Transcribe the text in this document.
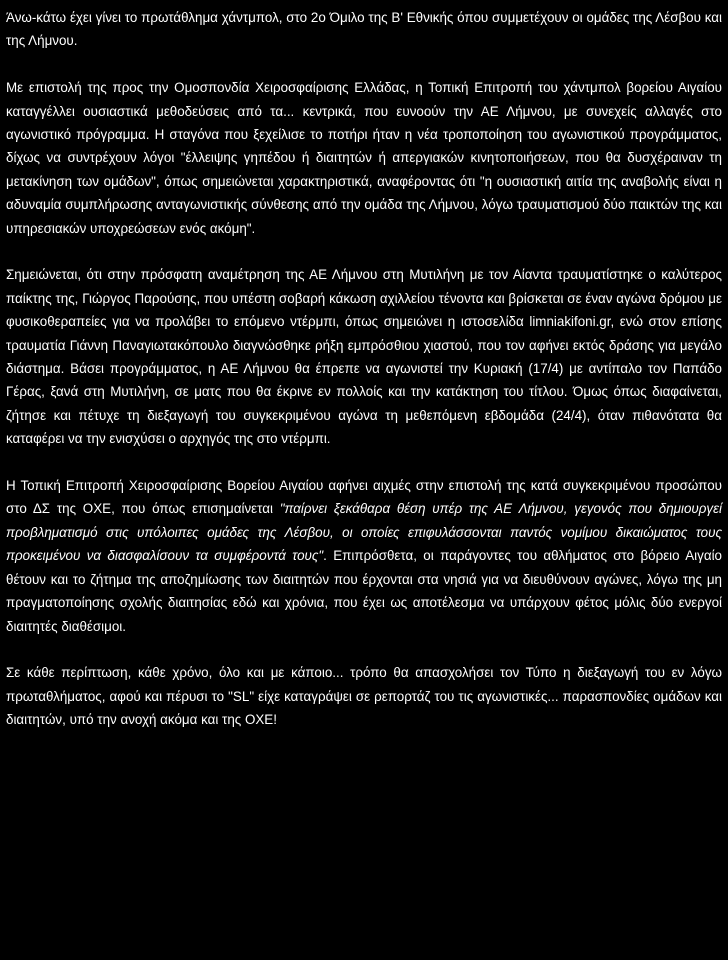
Άνω-κάτω έχει γίνει το πρωτάθλημα χάντμπολ, στο 2ο Όμιλο της Β' Εθνικής όπου συμμετέχουν οι ομάδες της Λέσβου και της Λήμνου.

Με επιστολή της προς την Ομοσπονδία Χειροσφαίρισης Ελλάδας, η Τοπική Επιτροπή του χάντμπολ βορείου Αιγαίου καταγγέλλει ουσιαστικά μεθοδεύσεις από τα... κεντρικά, που ευνοούν την ΑΕ Λήμνου, με συνεχείς αλλαγές στο αγωνιστικό πρόγραμμα. Η σταγόνα που ξεχείλισε το ποτήρι ήταν η νέα τροποποίηση του αγωνιστικού προγράμματος, δίχως να συντρέχουν λόγοι "έλλειψης γηπέδου ή διαιτητών ή απεργιακών κινητοποιήσεων, που θα δυσχέραιναν τη μετακίνηση των ομάδων", όπως σημειώνεται χαρακτηριστικά, αναφέροντας ότι "η ουσιαστική αιτία της αναβολής είναι η αδυναμία συμπλήρωσης ανταγωνιστικής σύνθεσης από την ομάδα της Λήμνου, λόγω τραυματισμού δύο παικτών της και υπηρεσιακών υποχρεώσεων ενός ακόμη".

Σημειώνεται, ότι στην πρόσφατη αναμέτρηση της ΑΕ Λήμνου στη Μυτιλήνη με τον Αίαντα τραυματίστηκε ο καλύτερος παίκτης της, Γιώργος Παρούσης, που υπέστη σοβαρή κάκωση αχιλλείου τένοντα και βρίσκεται σε έναν αγώνα δρόμου με φυσικοθεραπείες για να προλάβει το επόμενο ντέρμπι, όπως σημειώνει η ιστοσελίδα limniakifoni.gr, ενώ στον επίσης τραυματία Γιάννη Παναγιωτακόπουλο διαγνώσθηκε ρήξη εμπρόσθιου χιαστού, που τον αφήνει εκτός δράσης για μεγάλο διάστημα. Βάσει προγράμματος, η ΑΕ Λήμνου θα έπρεπε να αγωνιστεί την Κυριακή (17/4) με αντίπαλο τον Παπάδο Γέρας, ξανά στη Μυτιλήνη, σε ματς που θα έκρινε εν πολλοίς και την κατάκτηση του τίτλου. Όμως όπως διαφαίνεται, ζήτησε και πέτυχε τη διεξαγωγή του συγκεκριμένου αγώνα τη μεθεπόμενη εβδομάδα (24/4), όταν πιθανότατα θα καταφέρει να την ενισχύσει ο αρχηγός της στο ντέρμπι.

Η Τοπική Επιτροπή Χειροσφαίρισης Βορείου Αιγαίου αφήνει αιχμές στην επιστολή της κατά συγκεκριμένου προσώπου στο ΔΣ της ΟΧΕ, που όπως επισημαίνεται "παίρνει ξεκάθαρα θέση υπέρ της ΑΕ Λήμνου, γεγονός που δημιουργεί προβληματισμό στις υπόλοιπες ομάδες της Λέσβου, οι οποίες επιφυλάσσονται παντός νομίμου δικαιώματος τους προκειμένου να διασφαλίσουν τα συμφέροντά τους". Επιπρόσθετα, οι παράγοντες του αθλήματος στο βόρειο Αιγαίο θέτουν και το ζήτημα της αποζημίωσης των διαιτητών που έρχονται στα νησιά για να διευθύνουν αγώνες, λόγω της μη πραγματοποίησης σχολής διαιτησίας εδώ και χρόνια, που έχει ως αποτέλεσμα να υπάρχουν φέτος μόλις δύο ενεργοί διαιτητές διαθέσιμοι.

Σε κάθε περίπτωση, κάθε χρόνο, όλο και με κάποιο... τρόπο θα απασχολήσει τον Τύπο η διεξαγωγή του εν λόγω πρωταθλήματος, αφού και πέρυσι το "SL" είχε καταγράψει σε ρεπορτάζ του τις αγωνιστικές... παρασπονδίες ομάδων και διαιτητών, υπό την ανοχή ακόμα και της ΟΧΕ!
